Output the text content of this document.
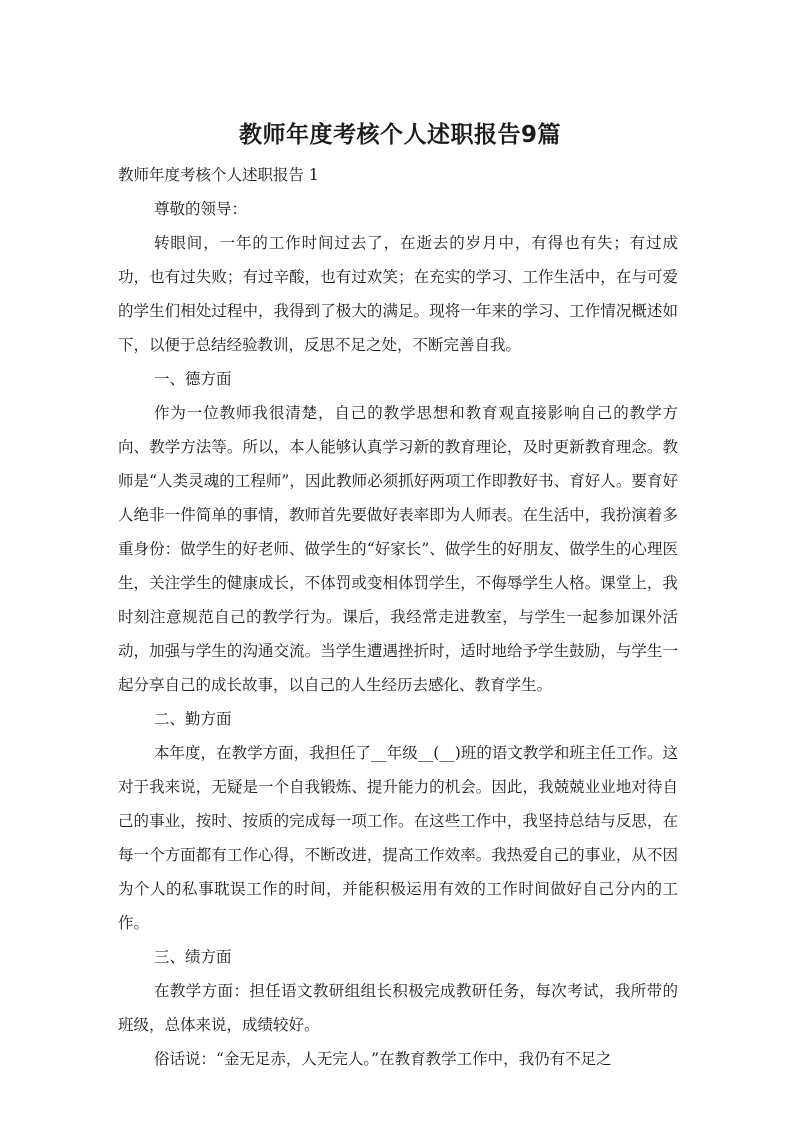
教师年度考核个人述职报告9篇

教师年度考核个人述职报告 1

尊敬的领导：

转眼间，一年的工作时间过去了，在逝去的岁月中，有得也有失；有过成功，也有过失败；有过辛酸，也有过欢笑；在充实的学习、工作生活中，在与可爱的学生们相处过程中，我得到了极大的满足。现将一年来的学习、工作情况概述如下，以便于总结经验教训，反思不足之处，不断完善自我。

一、德方面

作为一位教师我很清楚，自己的教学思想和教育观直接影响自己的教学方向、教学方法等。所以，本人能够认真学习新的教育理论，及时更新教育理念。教师是“人类灵魂的工程师”，因此教师必须抓好两项工作即教好书、育好人。要育好人绝非一件简单的事情，教师首先要做好表率即为人师表。在生活中，我扮演着多重身份：做学生的好老师、做学生的“好家长”、做学生的好朋友、做学生的心理医生，关注学生的健康成长，不体罚或变相体罚学生，不侮辱学生人格。课堂上，我时刻注意规范自己的教学行为。课后，我经常走进教室，与学生一起参加课外活动，加强与学生的沟通交流。当学生遭遇挫折时，适时地给予学生鼓励，与学生一起分享自己的成长故事，以自己的人生经历去感化、教育学生。

二、勤方面

本年度，在教学方面，我担任了__年级__(__)班的语文教学和班主任工作。这对于我来说，无疑是一个自我锻炼、提升能力的机会。因此，我兢兢业业地对待自己的事业，按时、按质的完成每一项工作。在这些工作中，我坚持总结与反思，在每一个方面都有工作心得，不断改进，提高工作效率。我热爱自己的事业，从不因为个人的私事耽误工作的时间，并能积极运用有效的工作时间做好自己分内的工作。

三、绩方面

在教学方面：担任语文教研组组长积极完成教研任务，每次考试，我所带的班级，总体来说，成绩较好。

俗话说：“金无足赤，人无完人。”在教育教学工作中，我仍有不足之
